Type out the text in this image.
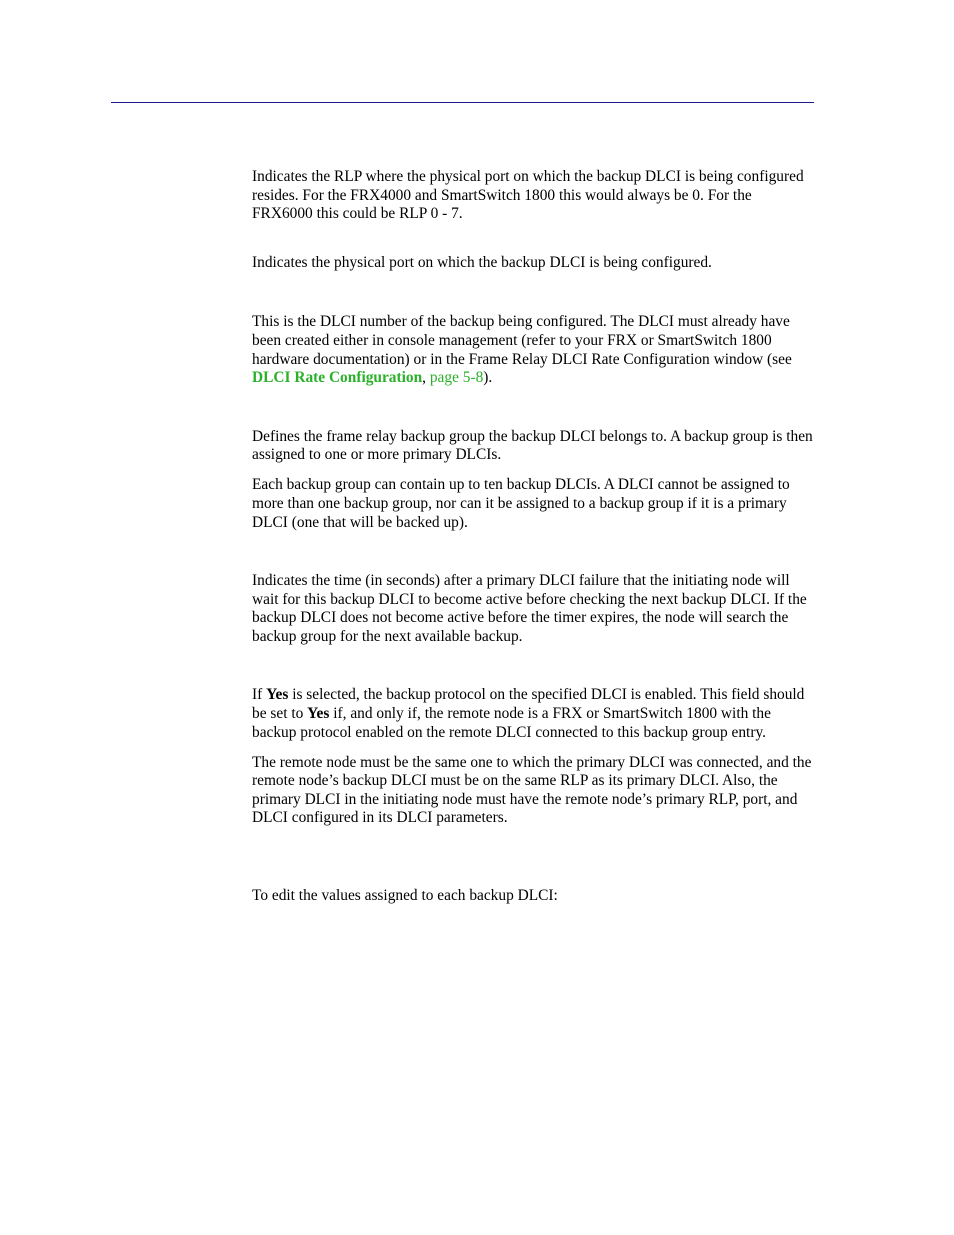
Indicates the RLP where the physical port on which the backup DLCI is being configured resides. For the FRX4000 and SmartSwitch 1800 this would always be 0. For the FRX6000 this could be RLP 0 - 7.

Indicates the physical port on which the backup DLCI is being configured.

This is the DLCI number of the backup being configured. The DLCI must already have been created either in console management (refer to your FRX or SmartSwitch 1800 hardware documentation) or in the Frame Relay DLCI Rate Configuration window (see DLCI Rate Configuration, page 5-8).

Defines the frame relay backup group the backup DLCI belongs to. A backup group is then assigned to one or more primary DLCIs.

Each backup group can contain up to ten backup DLCIs. A DLCI cannot be assigned to more than one backup group, nor can it be assigned to a backup group if it is a primary DLCI (one that will be backed up).

Indicates the time (in seconds) after a primary DLCI failure that the initiating node will wait for this backup DLCI to become active before checking the next backup DLCI. If the backup DLCI does not become active before the timer expires, the node will search the backup group for the next available backup.

If Yes is selected, the backup protocol on the specified DLCI is enabled. This field should be set to Yes if, and only if, the remote node is a FRX or SmartSwitch 1800 with the backup protocol enabled on the remote DLCI connected to this backup group entry.

The remote node must be the same one to which the primary DLCI was connected, and the remote node’s backup DLCI must be on the same RLP as its primary DLCI. Also, the primary DLCI in the initiating node must have the remote node’s primary RLP, port, and DLCI configured in its DLCI parameters.

To edit the values assigned to each backup DLCI:
